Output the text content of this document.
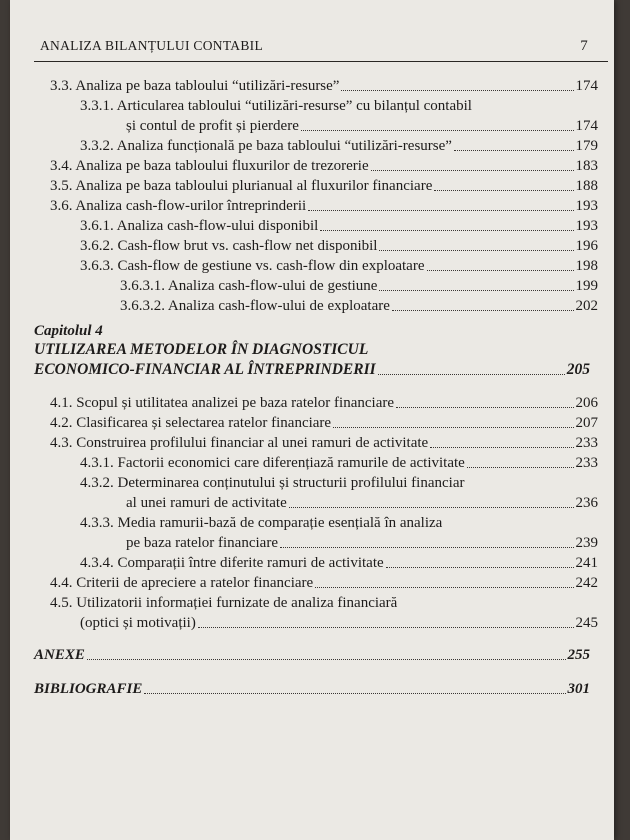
ANALIZA BILANȚULUI CONTABIL	7
3.3. Analiza pe baza tabloului “utilizări-resurse”	174
3.3.1. Articularea tabloului “utilizări-resurse” cu bilanțul contabil
și contul de profit și pierdere	174
3.3.2. Analiza funcțională pe baza tabloului “utilizări-resurse”	179
3.4. Analiza pe baza tabloului fluxurilor de trezorerie	183
3.5. Analiza pe baza tabloului plurianual al fluxurilor financiare	188
3.6. Analiza cash-flow-urilor întreprinderii	193
3.6.1. Analiza cash-flow-ului disponibil	193
3.6.2. Cash-flow brut vs. cash-flow net disponibil	196
3.6.3. Cash-flow de gestiune vs. cash-flow din exploatare	198
3.6.3.1. Analiza cash-flow-ului de gestiune	199
3.6.3.2. Analiza cash-flow-ului de exploatare	202
Capitolul 4
UTILIZAREA METODELOR ÎN DIAGNOSTICUL
ECONOMICO-FINANCIAR AL ÎNTREPRINDERII	205
4.1. Scopul și utilitatea analizei pe baza ratelor financiare	206
4.2. Clasificarea și selectarea ratelor financiare	207
4.3. Construirea profilului financiar al unei ramuri de activitate	233
4.3.1. Factorii economici care diferențiază ramurile de activitate	233
4.3.2. Determinarea conținutului și structurii profilului financiar
al unei ramuri de activitate	236
4.3.3. Media ramurii-bază de comparație esențială în analiza
pe baza ratelor financiare	239
4.3.4. Comparații între diferite ramuri de activitate	241
4.4. Criterii de apreciere a ratelor financiare	242
4.5. Utilizatorii informației furnizate de analiza financiară
(optici și motivații)	245
ANEXE	255
BIBLIOGRAFIE	301
